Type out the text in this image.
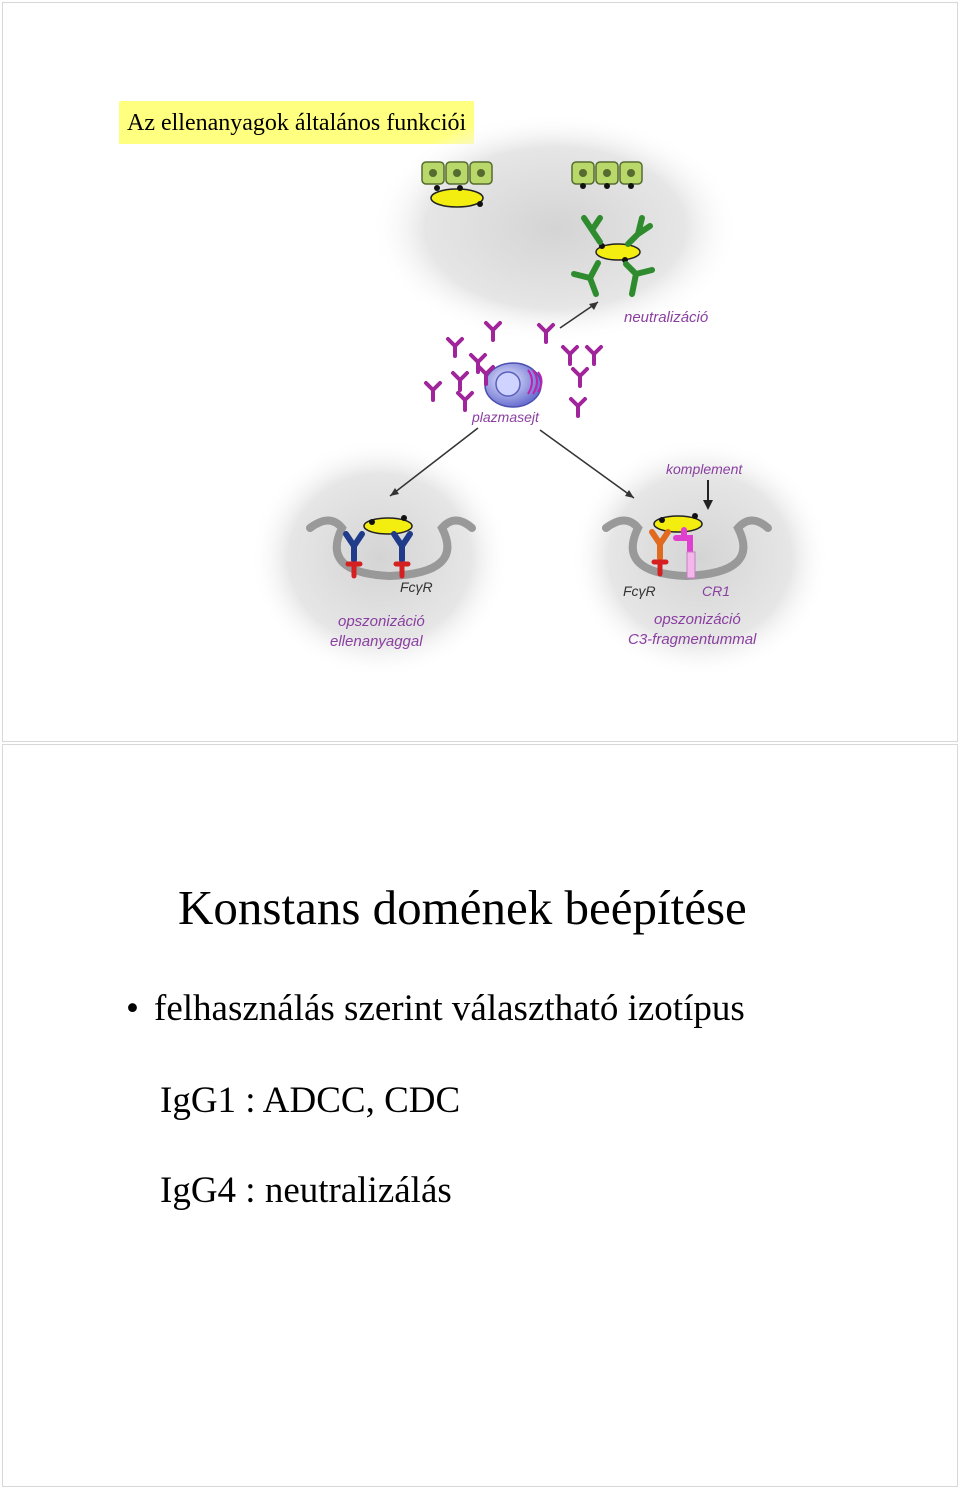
Az ellenanyagok általános funkciói
neutralizáció
plazmasejt
FcγR
opszonizáció
ellenanyaggal
komplement
FcγR	CR1
opszonizáció
C3-fragmentummal
Konstans domének beépítése
• felhasználás szerint választható izotípus
IgG1 : ADCC, CDC
IgG4 : neutralizálás
